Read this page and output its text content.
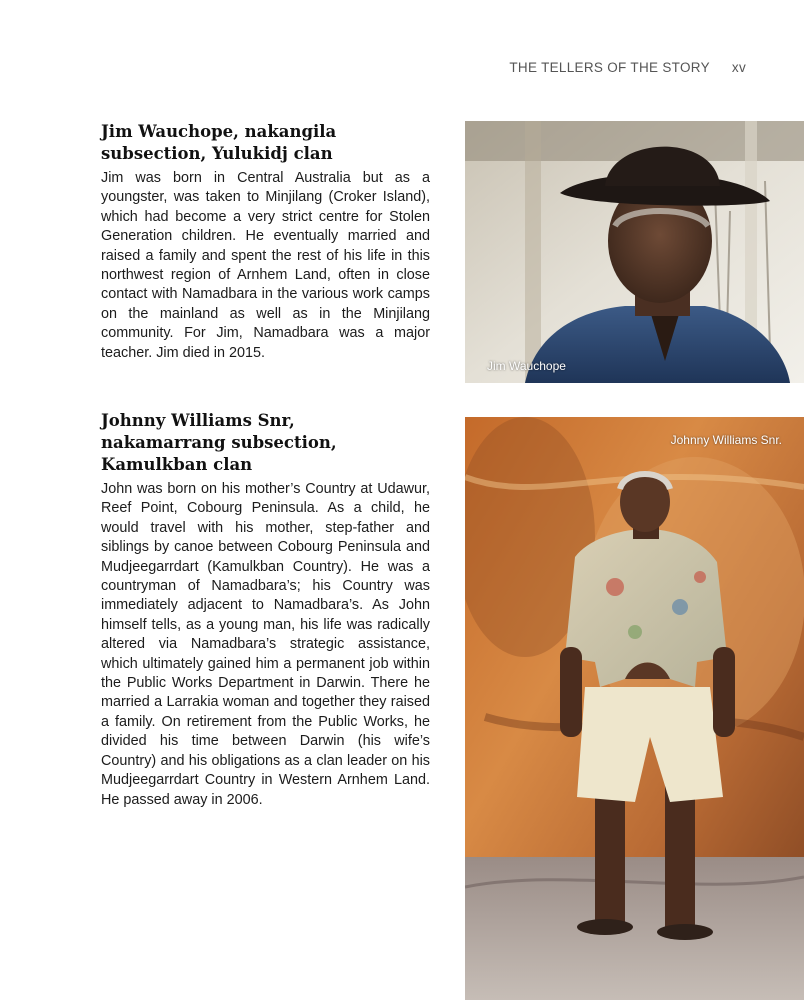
THE TELLERS OF THE STORY xv
Jim Wauchope, nakangila
subsection, Yulukidj clan

Jim was born in Central Australia but as a youngster, was taken to Minjilang (Croker Island), which had become a very strict centre for Stolen Generation children. He eventually married and raised a family and spent the rest of his life in this northwest region of Arnhem Land, often in close contact with Namadbara in the various work camps on the mainland as well as in the Minjilang community. For Jim, Namadbara was a major teacher. Jim died in 2015.

Johnny Williams Snr,
nakamarrang subsection,
Kamulkban clan

John was born on his mother’s Country at Udawur, Reef Point, Cobourg Peninsula. As a child, he would travel with his mother, step-father and siblings by canoe between Cobourg Peninsula and Mudjeegarrdart (Kamulkban Country). He was a countryman of Namadbara’s; his Country was immediately adjacent to Namadbara’s. As John himself tells, as a young man, his life was radically altered via Namadbara’s strategic assistance, which ultimately gained him a permanent job within the Public Works Department in Darwin. There he married a Larrakia woman and together they raised a family. On retirement from the Public Works, he divided his time between Darwin (his wife’s Country) and his obligations as a clan leader on his Mudjeegarrdart Country in Western Arnhem Land. He passed away in 2006.

Jim Wauchope
Johnny Williams Snr.
